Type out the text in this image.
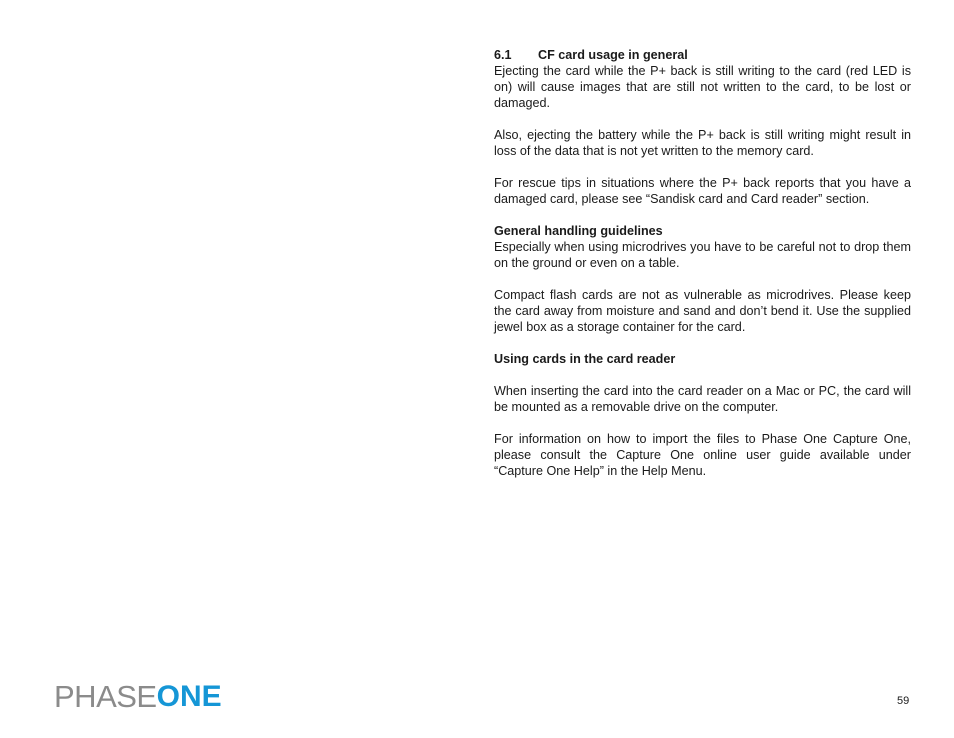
6.1 CF card usage in general

Ejecting the card while the P+ back is still writing to the card (red LED is on) will cause images that are still not written to the card, to be lost or damaged.

Also, ejecting the battery while the P+ back is still writing might result in loss of the data that is not yet written to the memory card.

For rescue tips in situations where the P+ back reports that you have a damaged card, please see “Sandisk card and Card reader” section.

General handling guidelines

Especially when using microdrives you have to be careful not to drop them on the ground or even on a table.

Compact flash cards are not as vulnerable as microdrives. Please keep the card away from moisture and sand and don’t bend it. Use the supplied jewel box as a storage container for the card.

Using cards in the card reader

When inserting the card into the card reader on a Mac or PC, the card will be mounted as a removable drive on the computer.

For information on how to import the files to Phase One Capture One, please consult the Capture One online user guide available under “Capture One Help” in the Help Menu.

PHASE ONE	59
